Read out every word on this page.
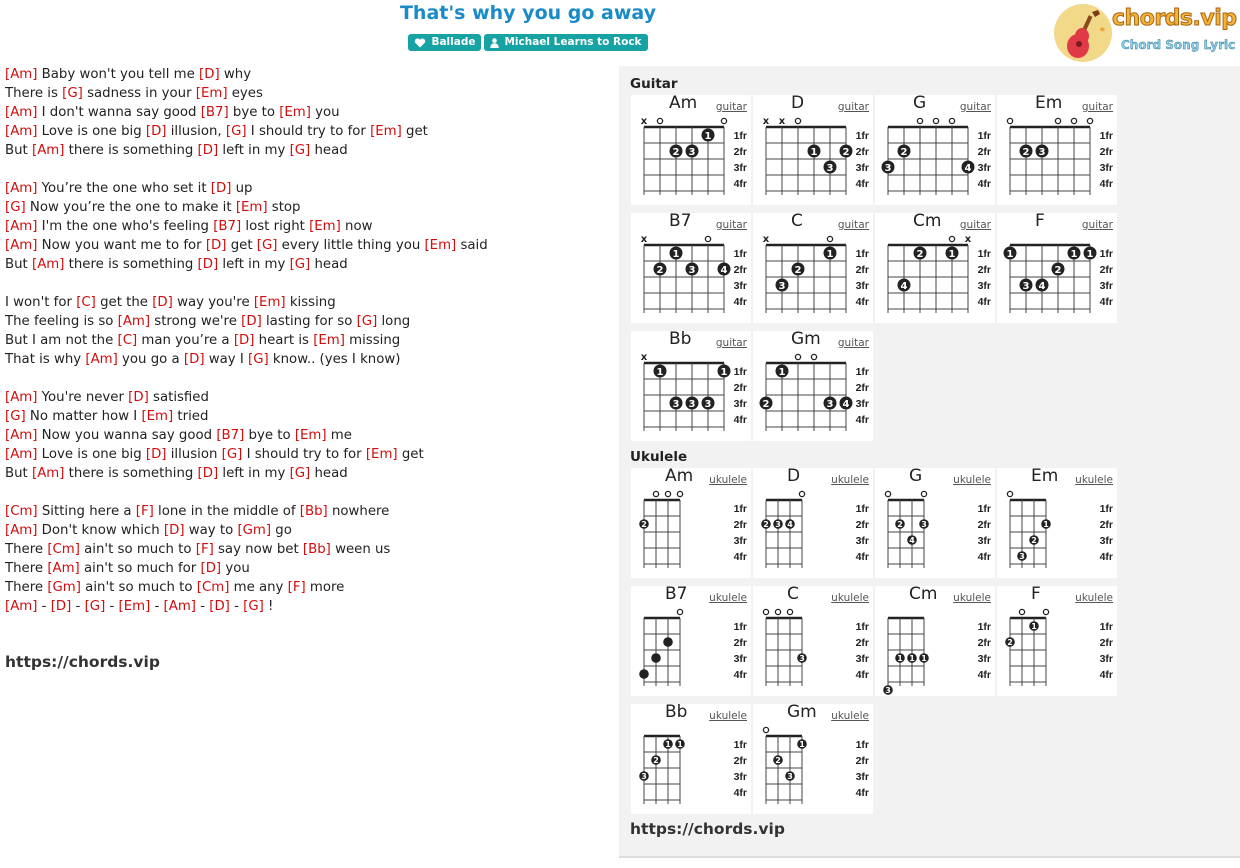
That's why you go away
Ballade	Michael Learns to Rock
chords.vip
Chord Song Lyric
[Am] Baby won't you tell me [D] why
There is [G] sadness in your [Em] eyes
[Am] I don't wanna say good [B7] bye to [Em] you
[Am] Love is one big [D] illusion, [G] I should try to for [Em] get
But [Am] there is something [D] left in my [G] head
[Am] You’re the one who set it [D] up
[G] Now you’re the one to make it [Em] stop
[Am] I'm the one who's feeling [B7] lost right [Em] now
[Am] Now you want me to for [D] get [G] every little thing you [Em] said
But [Am] there is something [D] left in my [G] head
I won't for [C] get the [D] way you're [Em] kissing
The feeling is so [Am] strong we're [D] lasting for so [G] long
But I am not the [C] man you’re a [D] heart is [Em] missing
That is why [Am] you go a [D] way I [G] know.. (yes I know)
[Am] You're never [D] satisfied
[G] No matter how I [Em] tried
[Am] Now you wanna say good [B7] bye to [Em] me
[Am] Love is one big [D] illusion [G] I should try to for [Em] get
But [Am] there is something [D] left in my [G] head
[Cm] Sitting here a [F] lone in the middle of [Bb] nowhere
[Am] Don't know which [D] way to [Gm] go
There [Cm] ain't so much to [F] say now bet [Bb] ween us
There [Am] ain't so much for [D] you
There [Gm] ain't so much to [Cm] me any [F] more
[Am] - [D] - [G] - [Em] - [Am] - [D] - [G] !
https://chords.vip
Guitar
Ukulele
1fr
2fr
3fr
4fr
x
1
2 3
Am guitar
1fr
2fr
3fr
4fr
x x
1	2
3
D	guitar
1fr
2fr
3fr
4fr
2
3	4
G	guitar
1fr
2fr
3fr
4fr
2 3
Em guitar
1fr
2fr
3fr
4fr
x
1
2	3	4
B7 guitar
1fr
2fr
3fr
4fr
x
1
2
3
C	guitar
1fr
2fr
3fr
4fr
x
2	1
4
Cm guitar
1fr
2fr
3fr
4fr
1	1 1
2
3 4
F	guitar
1fr
2fr
3fr
4fr
x
1	1
3 3 3
Bb guitar
1fr
2fr
3fr
4fr
1
2	3 4
Gm guitar
1fr
2fr
3fr
4fr
2
Am ukulele
1fr
2fr
3fr
4fr
2 3 4
D	ukulele
1fr
2fr
3fr
4fr
2 3
4
G	ukulele
1fr
2fr
3fr
4fr
1
2
3
Em ukulele
1fr
2fr
3fr
4fr
B7 ukulele
1fr
2fr
3fr
4fr
3
C	ukulele
1fr
2fr
3fr
4fr
1 1 1
3
Cm ukulele
1fr
2fr
3fr
4fr
1
2
F	ukulele
1fr
2fr
3fr
4fr
1 1
2
3
Bb ukulele
1fr
2fr
3fr
4fr
1
2
3
Gm ukulele
https://chords.vip
